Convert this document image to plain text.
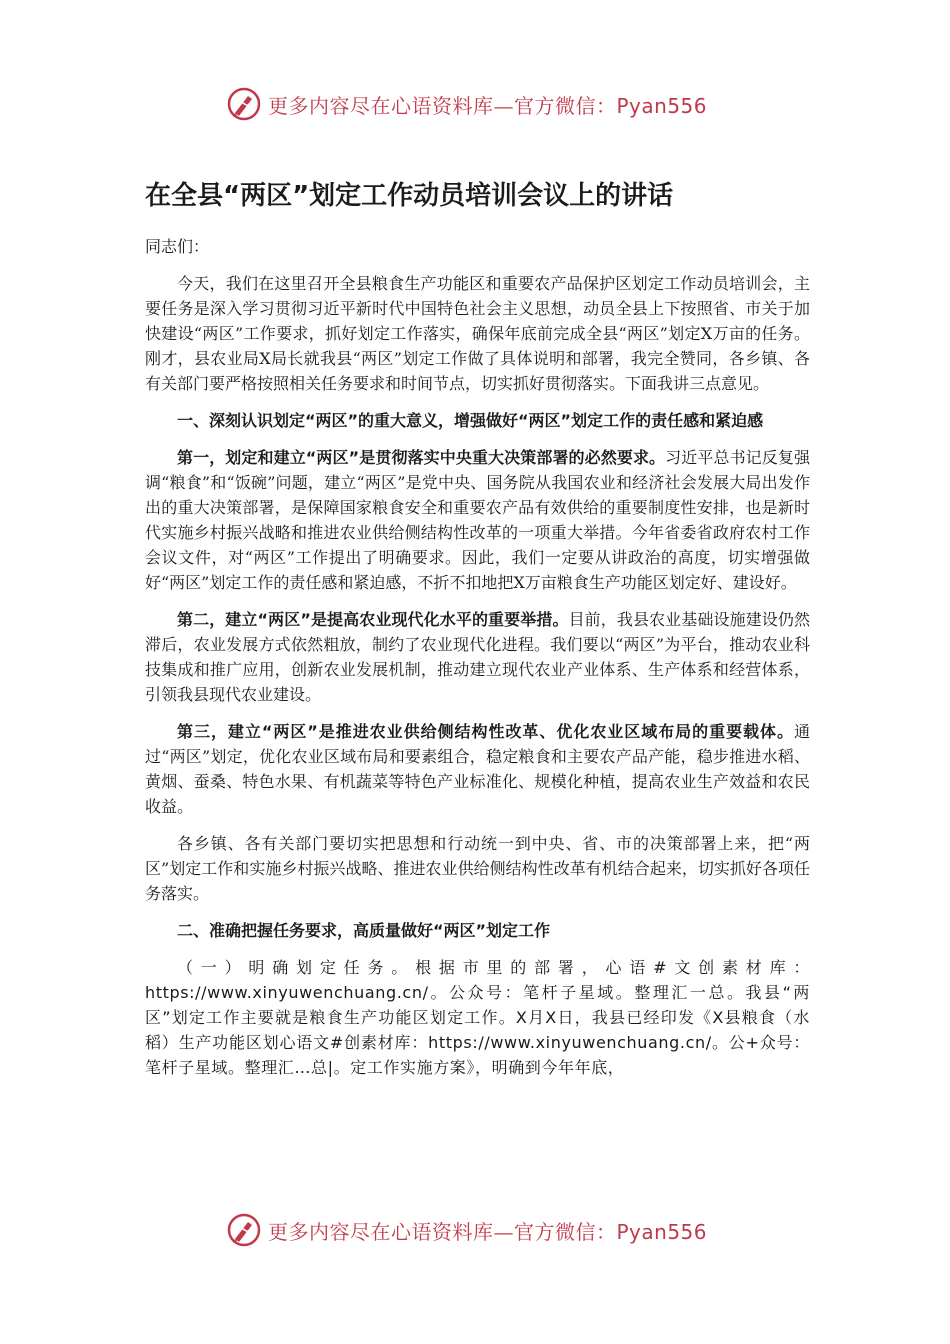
更多内容尽在心语资料库—官方微信：Pyan556
在全县“两区”划定工作动员培训会议上的讲话

同志们：

今天，我们在这里召开全县粮食生产功能区和重要农产品保护区划定工作动员培训会，主要任务是深入学习贯彻习近平新时代中国特色社会主义思想，动员全县上下按照省、市关于加快建设“两区”工作要求，抓好划定工作落实，确保年底前完成全县“两区”划定X万亩的任务。刚才，县农业局X局长就我县“两区”划定工作做了具体说明和部署，我完全赞同，各乡镇、各有关部门要严格按照相关任务要求和时间节点，切实抓好贯彻落实。下面我讲三点意见。

一、深刻认识划定“两区”的重大意义，增强做好“两区”划定工作的责任感和紧迫感

第一，划定和建立“两区”是贯彻落实中央重大决策部署的必然要求。习近平总书记反复强调“粮食”和“饭碗”问题，建立“两区”是党中央、国务院从我国农业和经济社会发展大局出发作出的重大决策部署，是保障国家粮食安全和重要农产品有效供给的重要制度性安排，也是新时代实施乡村振兴战略和推进农业供给侧结构性改革的一项重大举措。今年省委省政府农村工作会议文件，对“两区”工作提出了明确要求。因此，我们一定要从讲政治的高度，切实增强做好“两区”划定工作的责任感和紧迫感，不折不扣地把X万亩粮食生产功能区划定好、建设好。

第二，建立“两区”是提高农业现代化水平的重要举措。目前，我县农业基础设施建设仍然滞后，农业发展方式依然粗放，制约了农业现代化进程。我们要以“两区”为平台，推动农业科技集成和推广应用，创新农业发展机制，推动建立现代农业产业体系、生产体系和经营体系，引领我县现代农业建设。

第三，建立“两区”是推进农业供给侧结构性改革、优化农业区域布局的重要载体。通过“两区”划定，优化农业区域布局和要素组合，稳定粮食和主要农产品产能，稳步推进水稻、黄烟、蚕桑、特色水果、有机蔬菜等特色产业标准化、规模化种植，提高农业生产效益和农民收益。

各乡镇、各有关部门要切实把思想和行动统一到中央、省、市的决策部署上来，把“两区”划定工作和实施乡村振兴战略、推进农业供给侧结构性改革有机结合起来，切实抓好各项任务落实。

二、准确把握任务要求，高质量做好“两区”划定工作

（一）明确划定任务。根据市里的部署，心语#文创素材库：https://www.xinyuwenchuang.cn/。公众号：笔杆子星域。整理汇一总。我县“两区”划定工作主要就是粮食生产功能区划定工作。X月X日，我县已经印发《X县粮食（水稻）生产功能区划心语文#创素材库：https://www.xinyuwenchuang.cn/。公+众号：笔杆子星域。整理汇…总|。定工作实施方案》，明确到今年年底，

更多内容尽在心语资料库—官方微信：Pyan556
